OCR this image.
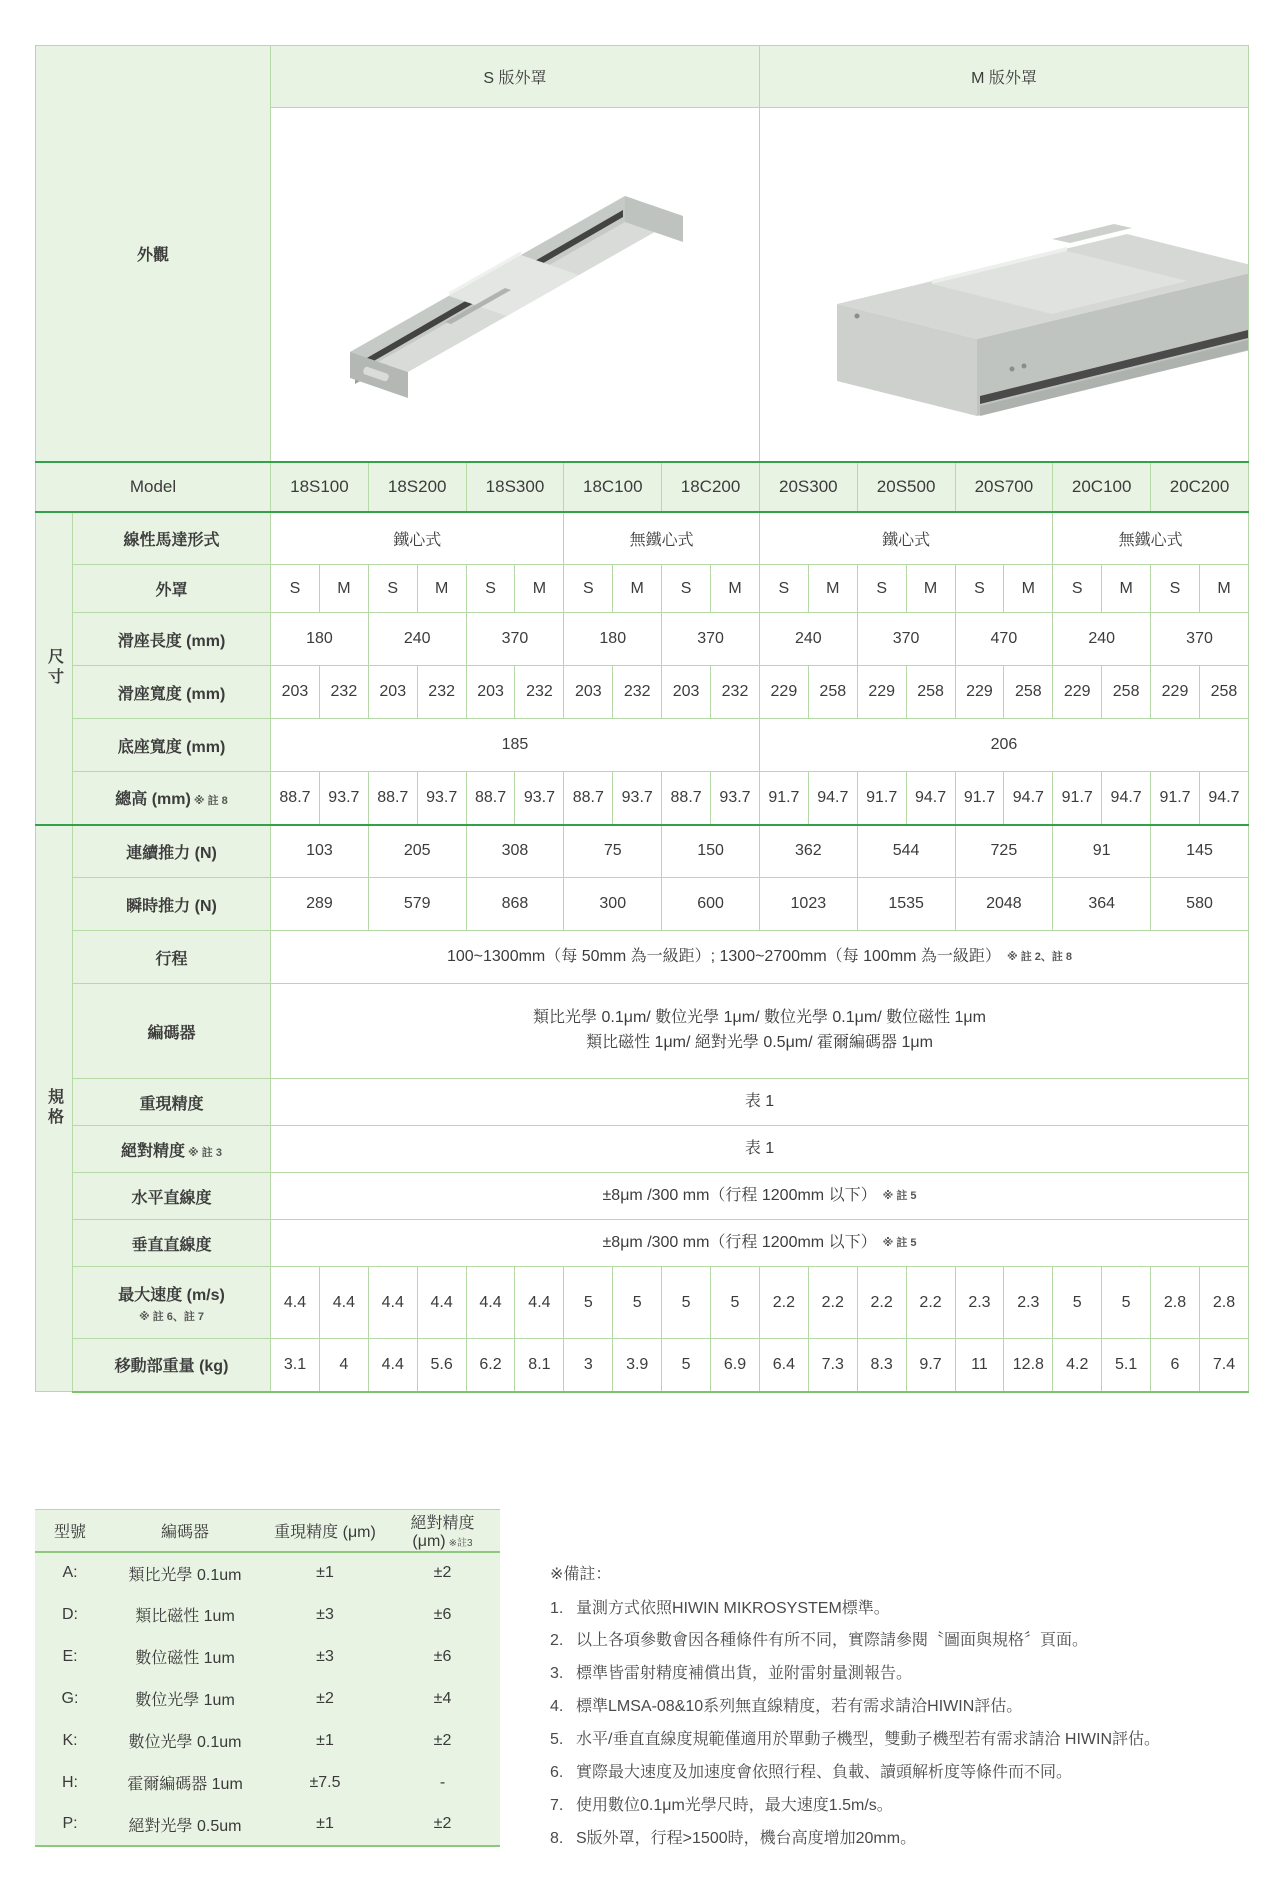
外觀		S 版外罩										M 版外罩									

Model		18S100		18S200		18S300		18C100		18C200		20S300		20S500		20S700		20C100		20C200	

尺寸	線性馬達形式	鐵心式						無鐵心式				鐵心式						無鐵心式			
	外罩	S	M	S	M	S	M	S	M	S	M	S	M	S	M	S	M	S	M	S	M
	滑座長度 (mm)	180		240		370		180		370		240		370		470		240		370	
	滑座寬度 (mm)	203	232	203	232	203	232	203	232	203	232	229	258	229	258	229	258	229	258	229	258
	底座寬度 (mm)	185										206									
	總高 (mm) ※ 註 8	88.7	93.7	88.7	93.7	88.7	93.7	88.7	93.7	88.7	93.7	91.7	94.7	91.7	94.7	91.7	94.7	91.7	94.7	91.7	94.7

規格	連續推力 (N)	103		205		308		75		150		362		544		725		91		145	
	瞬時推力 (N)	289		579		868		300		600		1023		1535		2048		364		580	
	行程	100~1300mm（每 50mm 為一級距）; 1300~2700mm（每 100mm 為一級距） ※ 註 2、註 8																			

	編碼器	類比光學 0.1μm/ 數位光學 1μm/ 數位光學 0.1μm/ 數位磁性 1μm
類比磁性 1μm/ 絕對光學 0.5μm/ 霍爾編碼器 1μm																			

	重現精度	表 1																			

	絕對精度 ※ 註 3	表 1																			

	水平直線度	±8μm /300 mm（行程 1200mm 以下） ※ 註 5																			

	垂直直線度	±8μm /300 mm（行程 1200mm 以下） ※ 註 5																			

	最大速度 (m/s)
※ 註 6、註 7	4.4	4.4	4.4	4.4	4.4	4.4	5	5	5	5	2.2	2.2	2.2	2.2	2.3	2.3	5	5	2.8	2.8
	移動部重量 (kg)	3.1	4	4.4	5.6	6.2	8.1	3	3.9	5	6.9	6.4	7.3	8.3	9.7	11	12.8	4.2	5.1	6	7.4
型號	編碼器	重現精度 (μm)	絕對精度 (μm) ※註3
A:	類比光學 0.1um	±1	±2
D:	類比磁性 1um	±3	±6
E:	數位磁性 1um	±3	±6
G:	數位光學 1um	±2	±4
K:	數位光學 0.1um	±1	±2
H:	霍爾編碼器 1um	±7.5	-
P:	絕對光學 0.5um	±1	±2
※備註：
1. 量測方式依照HIWIN MIKROSYSTEM標準。
2. 以上各項參數會因各種條件有所不同，實際請參閱〝圖面與規格〞頁面。
3. 標準皆雷射精度補償出貨，並附雷射量測報告。
4. 標準LMSA-08&10系列無直線精度，若有需求請洽HIWIN評估。
5. 水平/垂直直線度規範僅適用於單動子機型，雙動子機型若有需求請洽 HIWIN評估。
6. 實際最大速度及加速度會依照行程、負載、讀頭解析度等條件而不同。
7. 使用數位0.1μm光學尺時，最大速度1.5m/s。
8. S版外罩，行程>1500時，機台高度增加20mm。
